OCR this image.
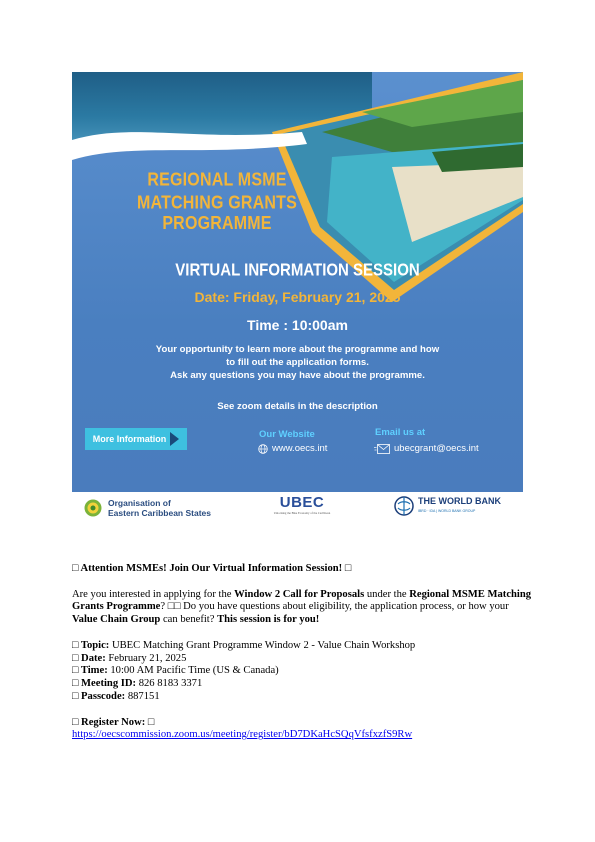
REGIONAL MSME
MATCHING GRANTS PROGRAMME
VIRTUAL INFORMATION SESSION
Date: Friday, February 21, 2025
Time : 10:00am
Your opportunity to learn more about the programme and how
to fill out the application forms.
Ask any questions you may have about the programme.
See zoom details in the description
More Information	Our Website
www.oecs.int
Email us at
ubecgrant@oecs.int
Organisation of
Eastern Caribbean States
UBEC
Unlocking the Blue Economy of the Caribbean
THE WORLD BANK
IBRD · IDA | WORLD BANK GROUP

□ Attention MSMEs! Join Our Virtual Information Session! □

Are you interested in applying for the Window 2 Call for Proposals under the Regional MSME Matching Grants Programme? □□ Do you have questions about eligibility, the application process, or how your Value Chain Group can benefit? This session is for you!

□ Topic: UBEC Matching Grant Programme Window 2 - Value Chain Workshop

□ Date: February 21, 2025

□ Time: 10:00 AM Pacific Time (US & Canada)

□ Meeting ID: 826 8183 3371

□ Passcode: 887151

□ Register Now: □

https://oecscommission.zoom.us/meeting/register/bD7DKaHcSQqVfsfxzfS9Rw
